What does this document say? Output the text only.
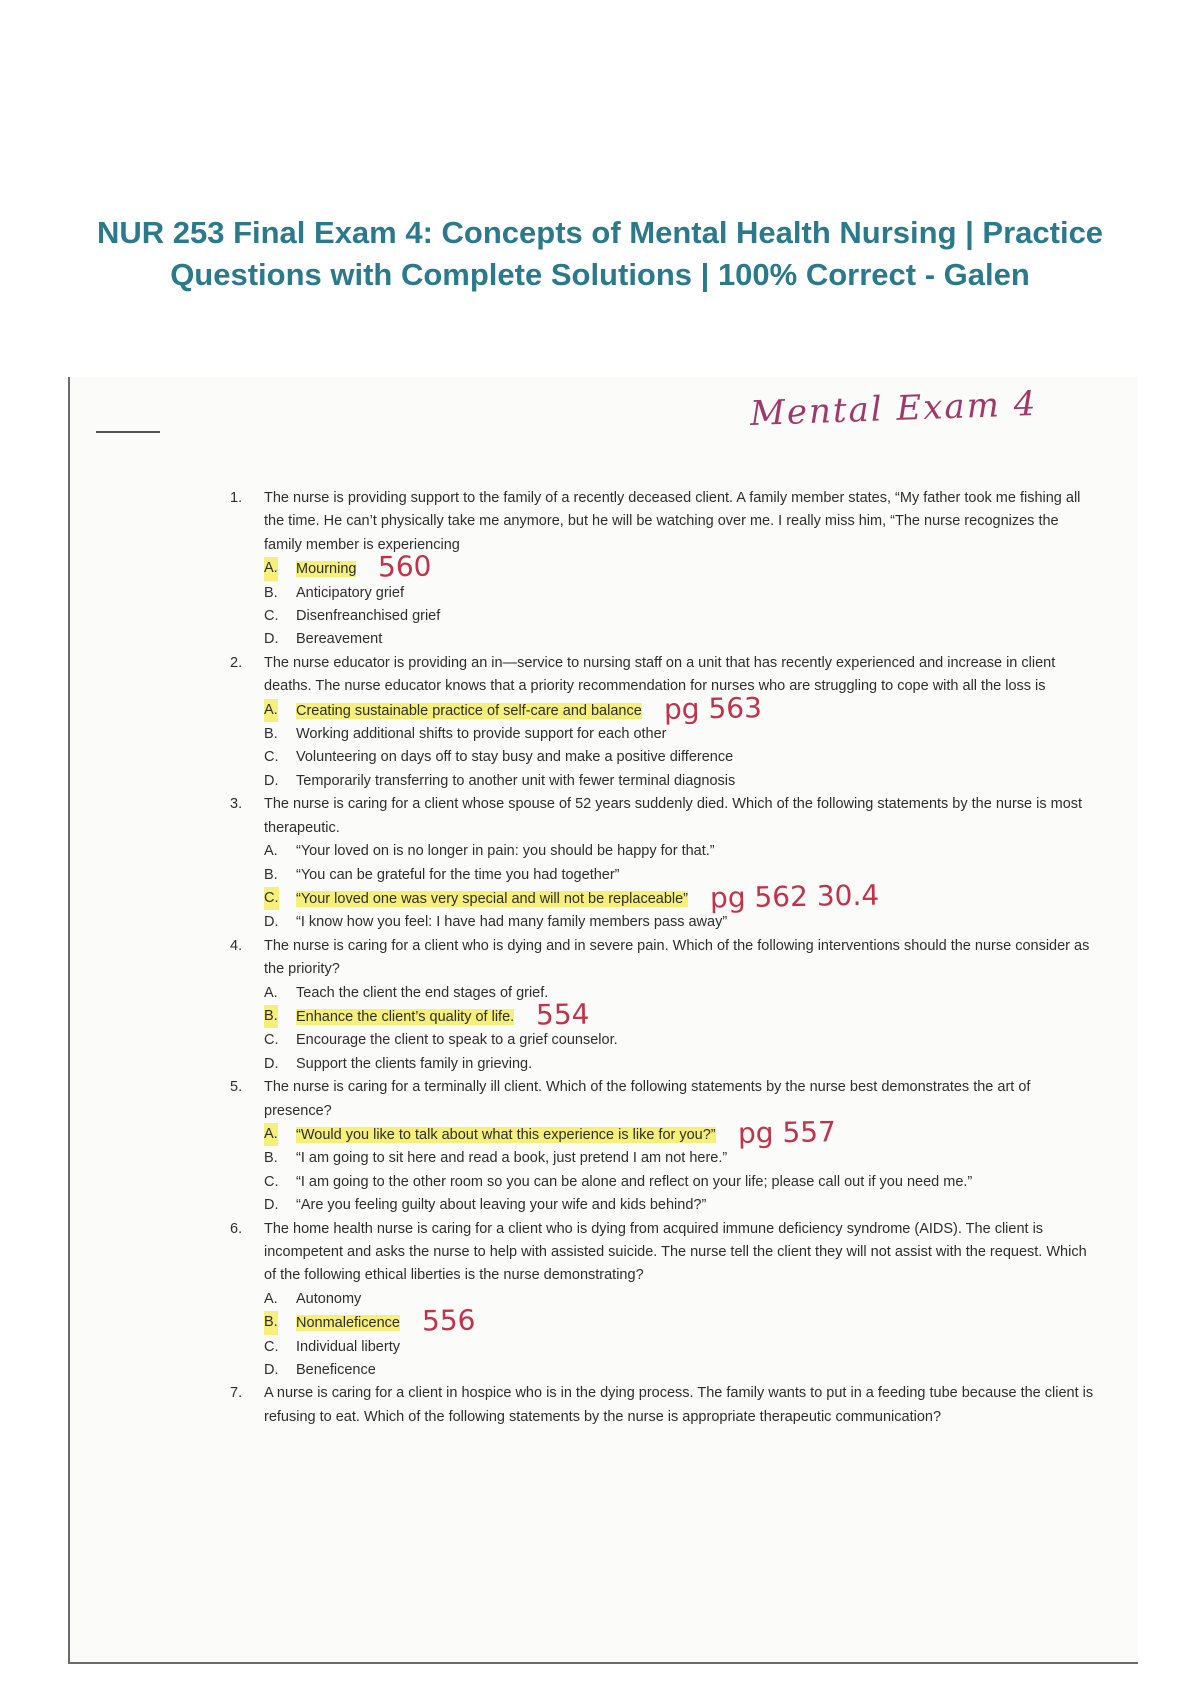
NUR 253 Final Exam 4: Concepts of Mental Health Nursing | Practice
Questions with Complete Solutions | 100% Correct - Galen
Mental Exam 4
1. The nurse is providing support to the family of a recently deceased client. A family member states, “My father took me fishing all the time. He can’t physically take me anymore, but he will be watching over me. I really miss him, “The nurse recognizes the family member is experiencing
A. Mourning 560
B. Anticipatory grief
C. Disenfreanchised grief
D. Bereavement
2. The nurse educator is providing an in—service to nursing staff on a unit that has recently experienced and increase in client deaths. The nurse educator knows that a priority recommendation for nurses who are struggling to cope with all the loss is
A. Creating sustainable practice of self-care and balance pg 563
B. Working additional shifts to provide support for each other
C. Volunteering on days off to stay busy and make a positive difference
D. Temporarily transferring to another unit with fewer terminal diagnosis
3. The nurse is caring for a client whose spouse of 52 years suddenly died. Which of the following statements by the nurse is most therapeutic.
A. “Your loved on is no longer in pain: you should be happy for that.”
B. “You can be grateful for the time you had together”
C. “Your loved one was very special and will not be replaceable” pg 562 30.4
D. “I know how you feel: I have had many family members pass away”
4. The nurse is caring for a client who is dying and in severe pain. Which of the following interventions should the nurse consider as the priority?
A. Teach the client the end stages of grief.
B. Enhance the client’s quality of life. 554
C. Encourage the client to speak to a grief counselor.
D. Support the clients family in grieving.
5. The nurse is caring for a terminally ill client. Which of the following statements by the nurse best demonstrates the art of presence?
A. “Would you like to talk about what this experience is like for you?” pg 557
B. “I am going to sit here and read a book, just pretend I am not here.”
C. “I am going to the other room so you can be alone and reflect on your life; please call out if you need me.”
D. “Are you feeling guilty about leaving your wife and kids behind?”
6. The home health nurse is caring for a client who is dying from acquired immune deficiency syndrome (AIDS). The client is incompetent and asks the nurse to help with assisted suicide. The nurse tell the client they will not assist with the request. Which of the following ethical liberties is the nurse demonstrating?
A. Autonomy
B. Nonmaleficence 556
C. Individual liberty
D. Beneficence
7. A nurse is caring for a client in hospice who is in the dying process. The family wants to put in a feeding tube because the client is refusing to eat. Which of the following statements by the nurse is appropriate therapeutic communication?
